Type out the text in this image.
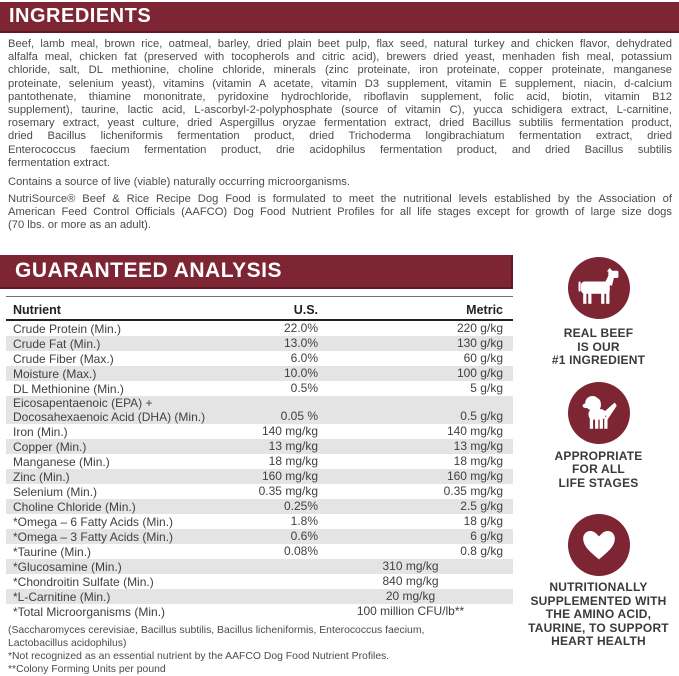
INGREDIENTS
Beef, lamb meal, brown rice, oatmeal, barley, dried plain beet pulp, flax seed, natural turkey and chicken flavor, dehydrated
alfalfa meal, chicken fat (preserved with tocopherols and citric acid), brewers dried yeast, menhaden fish meal, potassium
chloride, salt, DL methionine, choline chloride, minerals (zinc proteinate, iron proteinate, copper proteinate, manganese
proteinate, selenium yeast), vitamins (vitamin A acetate, vitamin D3 supplement, vitamin E supplement, niacin, d-calcium
pantothenate, thiamine mononitrate, pyridoxine hydrochloride, riboflavin supplement, folic acid, biotin, vitamin B12
supplement), taurine, lactic acid, L-ascorbyl-2-polyphosphate (source of vitamin C), yucca schidigera extract, L-carnitine,
rosemary extract, yeast culture, dried Aspergillus oryzae fermentation extract, dried Bacillus subtilis fermentation product,
dried Bacillus licheniformis fermentation product, dried Trichoderma longibrachiatum fermentation extract, dried
Enterococcus faecium fermentation product, drie acidophilus fermentation product, and dried Bacillus subtilis
fermentation extract.
Contains a source of live (viable) naturally occurring microorganisms.
NutriSource® Beef & Rice Recipe Dog Food is formulated to meet the nutritional levels established by the Association of
American Feed Control Officials (AAFCO) Dog Food Nutrient Profiles for all life stages except for growth of large size dogs
(70 lbs. or more as an adult).
GUARANTEED ANALYSIS
Nutrient	U.S.	Metric
Crude Protein (Min.)	22.0%	220 g/kg
Crude Fat (Min.)	13.0%	130 g/kg
Crude Fiber (Max.)	6.0%	60 g/kg
Moisture (Max.)	10.0%	100 g/kg
DL Methionine (Min.)	0.5%	5 g/kg
Eicosapentaenoic (EPA) +
Docosahexaenoic Acid (DHA) (Min.)	0.05 %	0.5 g/kg
Iron (Min.)	140 mg/kg	140 mg/kg
Copper (Min.)	13 mg/kg	13 mg/kg
Manganese (Min.)	18 mg/kg	18 mg/kg
Zinc (Min.)	160 mg/kg	160 mg/kg
Selenium (Min.)	0.35 mg/kg	0.35 mg/kg
Choline Chloride (Min.)	0.25%	2.5 g/kg
*Omega – 6 Fatty Acids (Min.)	1.8%	18 g/kg
*Omega – 3 Fatty Acids (Min.)	0.6%	6 g/kg
*Taurine (Min.)	0.08%	0.8 g/kg
*Glucosamine (Min.)	310 mg/kg
*Chondroitin Sulfate (Min.)	840 mg/kg
*L-Carnitine (Min.)	20 mg/kg
*Total Microorganisms (Min.)	100 million CFU/lb**
(Saccharomyces cerevisiae, Bacillus subtilis, Bacillus licheniformis, Enterococcus faecium,
Lactobacillus acidophilus)
*Not recognized as an essential nutrient by the AAFCO Dog Food Nutrient Profiles.
**Colony Forming Units per pound
REAL BEEF
IS OUR
#1 INGREDIENT
APPROPRIATE
FOR ALL
LIFE STAGES
NUTRITIONALLY
SUPPLEMENTED WITH
THE AMINO ACID,
TAURINE, TO SUPPORT
HEART HEALTH
